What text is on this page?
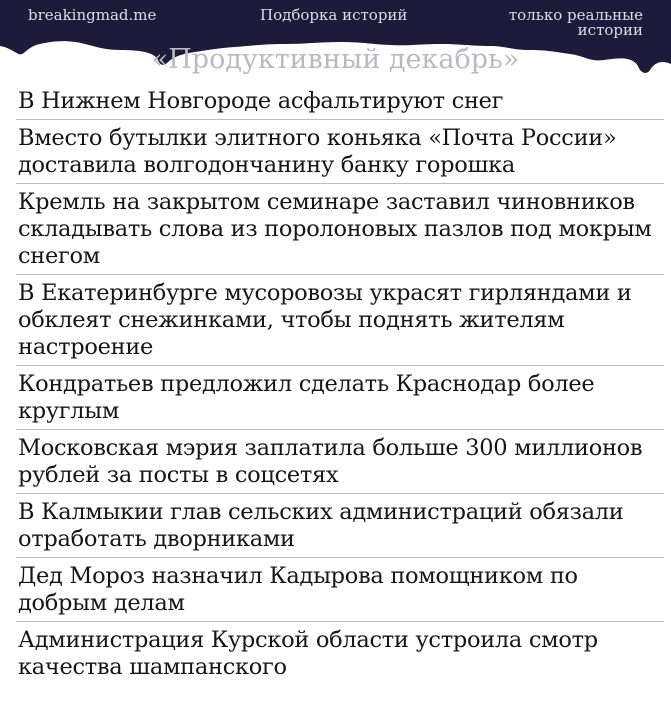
breakingmad.me	Подборка историй	только реальные истории
«Продуктивный декабрь»
В Нижнем Новгороде асфальтируют снег
Вместо бутылки элитного коньяка «Почта России» доставила волгодончанину банку горошка
Кремль на закрытом семинаре заставил чиновников складывать слова из поролоновых пазлов под мокрым снегом
В Екатеринбурге мусоровозы украсят гирляндами и обклеят снежинками, чтобы поднять жителям настроение
Кондратьев предложил сделать Краснодар более круглым
Московская мэрия заплатила больше 300 миллионов рублей за посты в соцсетях
В Калмыкии глав сельских администраций обязали отработать дворниками
Дед Мороз назначил Кадырова помощником по добрым делам
Администрация Курской области устроила смотр качества шампанского
